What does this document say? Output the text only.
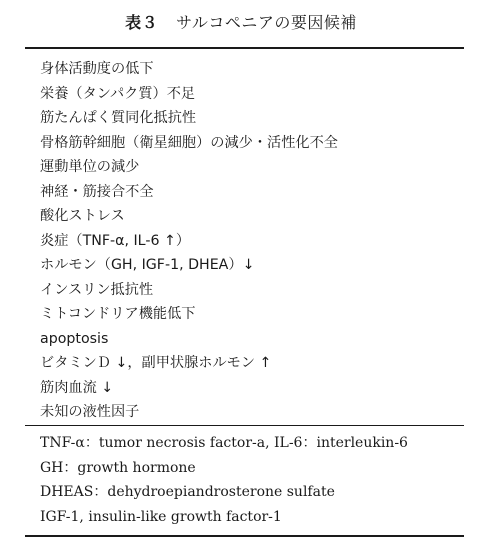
表３ サルコペニアの要因候補
身体活動度の低下
栄養（タンパク質）不足
筋たんぱく質同化抵抗性
骨格筋幹細胞（衛星細胞）の減少・活性化不全
運動単位の減少
神経・筋接合不全
酸化ストレス
炎症（TNF-α, IL-6 ↑）
ホルモン（GH, IGF-1, DHEA）↓
インスリン抵抗性
ミトコンドリア機能低下
apoptosis
ビタミンＤ ↓，副甲状腺ホルモン ↑
筋肉血流 ↓
未知の液性因子
TNF-α：tumor necrosis factor-a, IL-6：interleukin-6
GH：growth hormone
DHEAS：dehydroepiandrosterone sulfate
IGF-1, insulin-like growth factor-1
